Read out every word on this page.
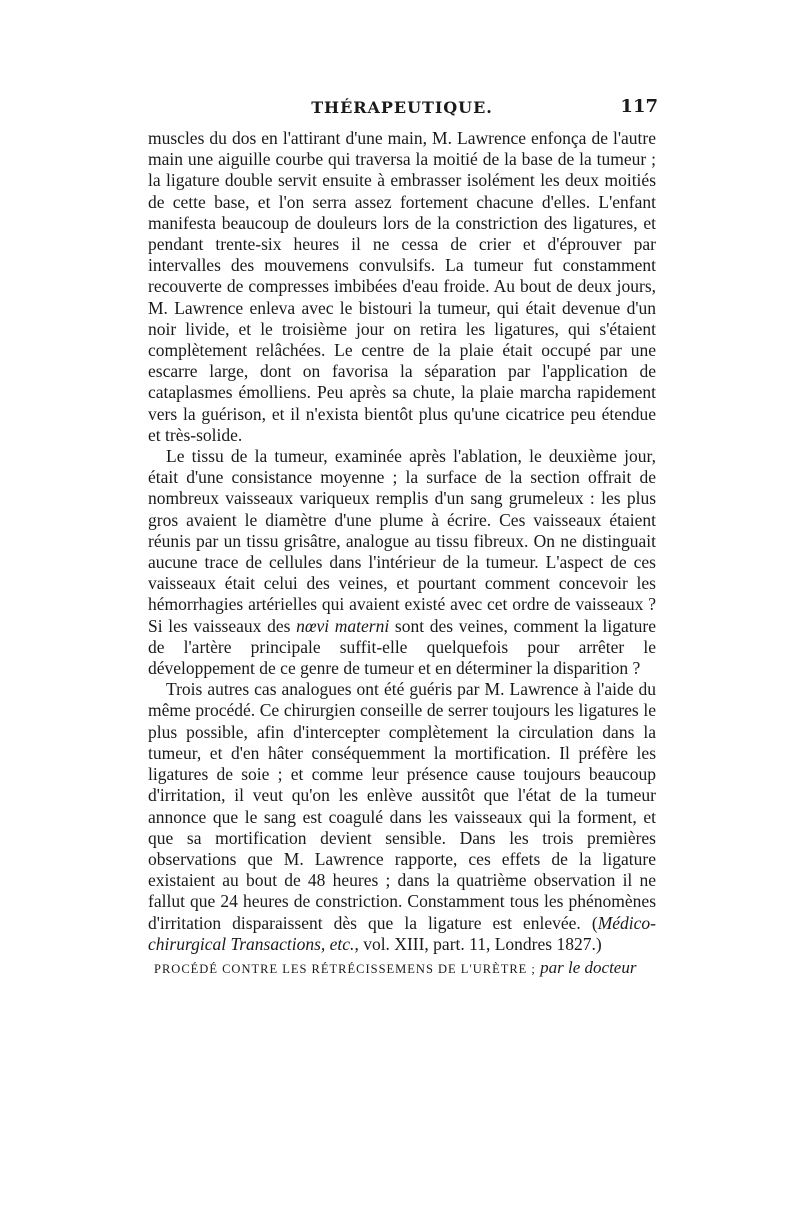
THÉRAPEUTIQUE.	117

muscles du dos en l'attirant d'une main, M. Lawrence enfonça de l'autre main une aiguille courbe qui traversa la moitié de la base de la tumeur ; la ligature double servit ensuite à embrasser isolément les deux moitiés de cette base, et l'on serra assez fortement chacune d'elles. L'enfant manifesta beaucoup de douleurs lors de la constriction des ligatures, et pendant trente-six heures il ne cessa de crier et d'éprouver par intervalles des mouvemens convulsifs. La tumeur fut constamment recouverte de compresses imbibées d'eau froide. Au bout de deux jours, M. Lawrence enleva avec le bistouri la tumeur, qui était devenue d'un noir livide, et le troisième jour on retira les ligatures, qui s'étaient complètement relâchées. Le centre de la plaie était occupé par une escarre large, dont on favorisa la séparation par l'application de cataplasmes émolliens. Peu après sa chute, la plaie marcha rapidement vers la guérison, et il n'exista bientôt plus qu'une cicatrice peu étendue et très-solide.

Le tissu de la tumeur, examinée après l'ablation, le deuxième jour, était d'une consistance moyenne ; la surface de la section offrait de nombreux vaisseaux variqueux remplis d'un sang grumeleux : les plus gros avaient le diamètre d'une plume à écrire. Ces vaisseaux étaient réunis par un tissu grisâtre, analogue au tissu fibreux. On ne distinguait aucune trace de cellules dans l'intérieur de la tumeur. L'aspect de ces vaisseaux était celui des veines, et pourtant comment concevoir les hémorrhagies artérielles qui avaient existé avec cet ordre de vaisseaux ? Si les vaisseaux des nœvi materni sont des veines, comment la ligature de l'artère principale suffit-elle quelquefois pour arrêter le développement de ce genre de tumeur et en déterminer la disparition ?

Trois autres cas analogues ont été guéris par M. Lawrence à l'aide du même procédé. Ce chirurgien conseille de serrer toujours les ligatures le plus possible, afin d'intercepter complètement la circulation dans la tumeur, et d'en hâter conséquemment la mortification. Il préfère les ligatures de soie ; et comme leur présence cause toujours beaucoup d'irritation, il veut qu'on les enlève aussitôt que l'état de la tumeur annonce que le sang est coagulé dans les vaisseaux qui la forment, et que sa mortification devient sensible. Dans les trois premières observations que M. Lawrence rapporte, ces effets de la ligature existaient au bout de 48 heures ; dans la quatrième observation il ne fallut que 24 heures de constriction. Constamment tous les phénomènes d'irritation disparaissent dès que la ligature est enlevée. (Médico-chirurgical Transactions, etc., vol. XIII, part. 11, Londres 1827.)

PROCÉDÉ CONTRE LES RÉTRÉCISSEMENS DE L'URÈTRE ; par le docteur
